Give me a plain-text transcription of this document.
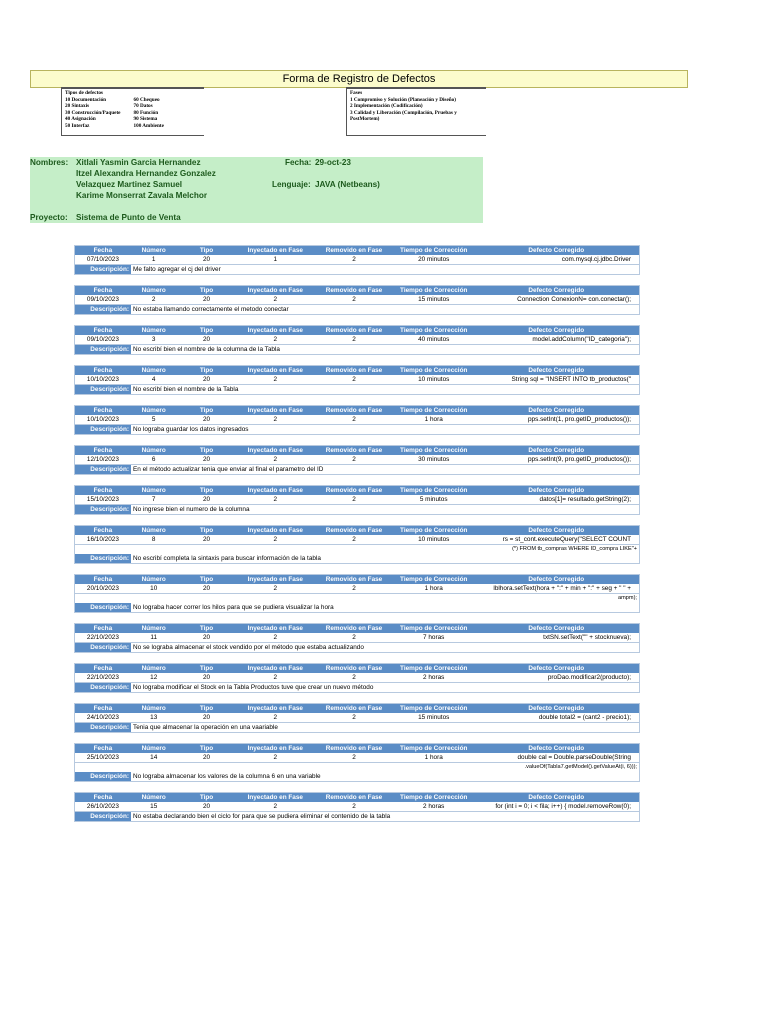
Forma de Registro de Defectos
Tipos de defectos
10 Documentación	60 Chequeo
20 Sintaxis	70 Datos
30 Construcción/Paquete	80 Función
40 Asignación	90 Sistema
50 Interfaz	100 Ambiente
Fases
1 Compromiso y Solución (Planeación y Diseño)
2 Implementación (Codificación)
3 Calidad y Liberación (Compilación, Pruebas y PostMortem)
Nombres: Xitlali Yasmin Garcia Hernandez
Itzel Alexandra Hernandez Gonzalez
Velazquez Martinez Samuel
Karime Monserrat Zavala Melchor
Fecha: 29-oct-23
Lenguaje: JAVA (Netbeans)
Proyecto: Sistema de Punto de Venta
Fecha	Número	Tipo	Inyectado en Fase	Removido en Fase	Tiempo de Corrección	Defecto Corregido
07/10/2023	1	20	1	2	20 minutos	com.mysql.cj.jdbc.Driver
Descripción: Me falto agregar el cj del driver
Fecha	Número	Tipo	Inyectado en Fase	Removido en Fase	Tiempo de Corrección	Defecto Corregido
09/10/2023	2	20	2	2	15 minutos	Connection ConexionN= con.conectar();
Descripción: No estaba llamando correctamente el metodo conectar
Fecha	Número	Tipo	Inyectado en Fase	Removido en Fase	Tiempo de Corrección	Defecto Corregido
09/10/2023	3	20	2	2	40 minutos	model.addColumn("ID_categoria");
Descripción: No escribí bien el nombre de la columna de la Tabla
Fecha	Número	Tipo	Inyectado en Fase	Removido en Fase	Tiempo de Corrección	Defecto Corregido
10/10/2023	4	20	2	2	10 minutos	String sql = "INSERT INTO tb_productos("
Descripción: No escribí bien el nombre de la Tabla
Fecha	Número	Tipo	Inyectado en Fase	Removido en Fase	Tiempo de Corrección	Defecto Corregido
10/10/2023	5	20	2	2	1 hora	pps.setInt(1, pro.getID_productos());
Descripción: No lograba guardar los datos ingresados
Fecha	Número	Tipo	Inyectado en Fase	Removido en Fase	Tiempo de Corrección	Defecto Corregido
12/10/2023	6	20	2	2	30 minutos	pps.setInt(9, pro.getID_productos());
Descripción: En el método actualizar tenia que enviar al final el parametro del ID
Fecha	Número	Tipo	Inyectado en Fase	Removido en Fase	Tiempo de Corrección	Defecto Corregido
15/10/2023	7	20	2	2	5 minutos	datos[1]= resultado.getString(2);
Descripción: No ingrese bien el numero de la columna
Fecha	Número	Tipo	Inyectado en Fase	Removido en Fase	Tiempo de Corrección	Defecto Corregido
16/10/2023	8	20	2	2	10 minutos	rs = st_cont.executeQuery("SELECT COUNT
(*) FROM tb_compras WHERE ID_compra LIKE"+
Descripción: No escribí completa la sintaxis para buscar información de la tabla
Fecha	Número	Tipo	Inyectado en Fase	Removido en Fase	Tiempo de Corrección	Defecto Corregido
20/10/2023	10	20	2	2	1 hora	lblhora.setText(hora + ":" + min + ":" + seg + " " +
ampm);
Descripción: No lograba hacer correr los hilos para que se pudiera visualizar la hora
Fecha	Número	Tipo	Inyectado en Fase	Removido en Fase	Tiempo de Corrección	Defecto Corregido
22/10/2023	11	20	2	2	7 horas	txtSN.setText("" + stocknueva);
Descripción: No se lograba almacenar el stock vendido por el método que estaba actualizando
Fecha	Número	Tipo	Inyectado en Fase	Removido en Fase	Tiempo de Corrección	Defecto Corregido
22/10/2023	12	20	2	2	2 horas	proDao.modificar2(producto);
Descripción: No lograba modificar el Stock en la Tabla Productos tuve que crear un nuevo método
Fecha	Número	Tipo	Inyectado en Fase	Removido en Fase	Tiempo de Corrección	Defecto Corregido
24/10/2023	13	20	2	2	15 minutos	double total2 = (cant2 - precio1);
Descripción: Tenia que almacenar la operación en una vaariable
Fecha	Número	Tipo	Inyectado en Fase	Removido en Fase	Tiempo de Corrección	Defecto Corregido
25/10/2023	14	20	2	2	1 hora	double cal = Double.parseDouble(String
.valueOf(Tabla7.getModel().getValueAt(i, 6)));
Descripción: No lograba almacenar los valores de la columna 6 en una variable
Fecha	Número	Tipo	Inyectado en Fase	Removido en Fase	Tiempo de Corrección	Defecto Corregido
26/10/2023	15	20	2	2	2 horas	for (int i = 0; i < fila; i++) { model.removeRow(0);
Descripción: No estaba declarando bien el ciclo for para que se pudiera eliminar el contenido de la tabla
